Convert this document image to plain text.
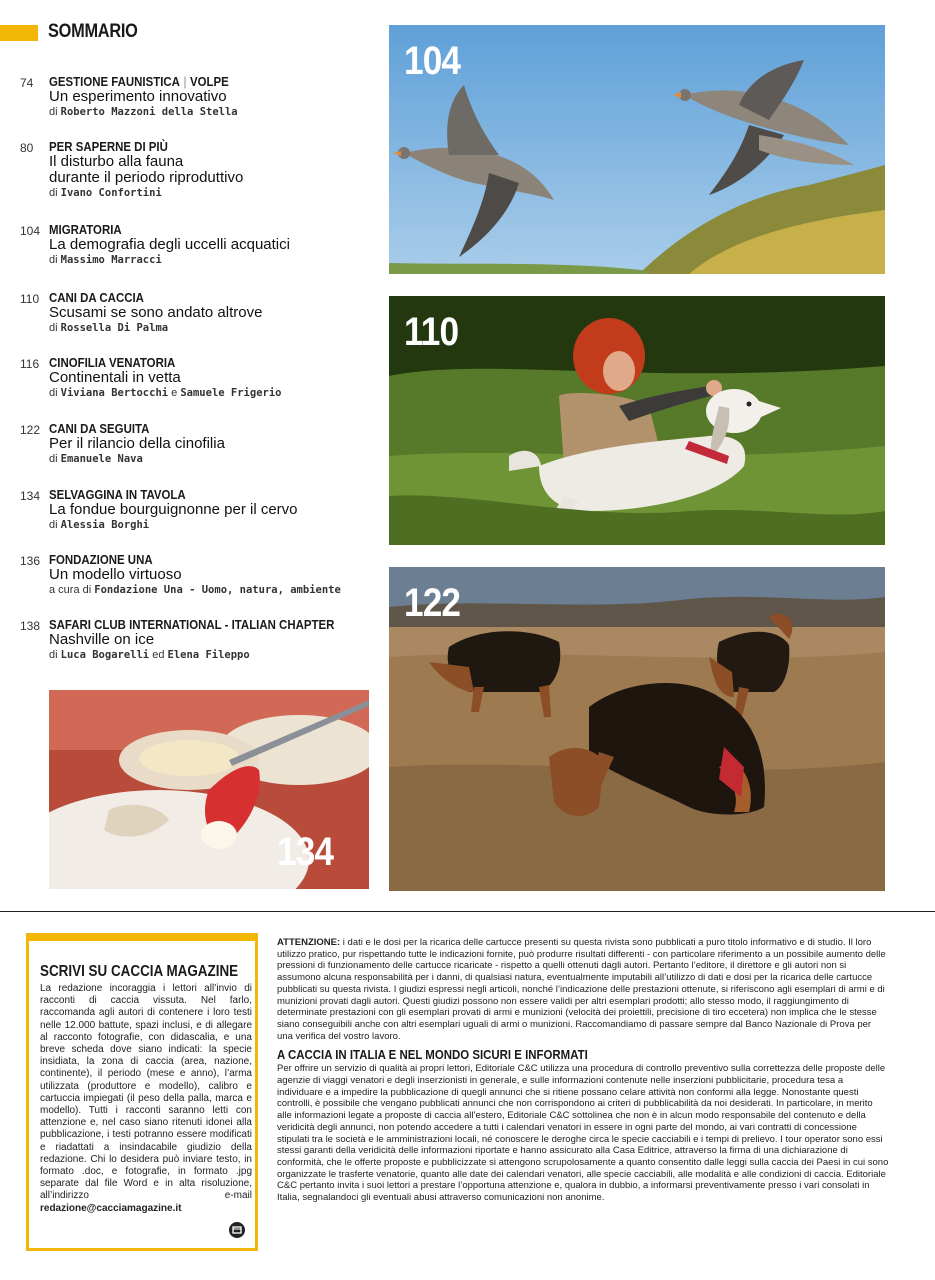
SOMMARIO
74 GESTIONE FAUNISTICA | VOLPE
Un esperimento innovativo
di Roberto Mazzoni della Stella
80 PER SAPERNE DI PIÙ
Il disturbo alla fauna
durante il periodo riproduttivo
di Ivano Confortini
104 MIGRATORIA
La demografia degli uccelli acquatici
di Massimo Marracci
110 CANI DA CACCIA
Scusami se sono andato altrove
di Rossella Di Palma
116 CINOFILIA VENATORIA
Continentali in vetta
di Viviana Bertocchi e Samuele Frigerio
122 CANI DA SEGUITA
Per il rilancio della cinofilia
di Emanuele Nava
134 SELVAGGINA IN TAVOLA
La fondue bourguignonne per il cervo
di Alessia Borghi
136 FONDAZIONE UNA
Un modello virtuoso
a cura di Fondazione Una - Uomo, natura, ambiente
138 SAFARI CLUB INTERNATIONAL - ITALIAN CHAPTER
Nashville on ice
di Luca Bogarelli ed Elena Fileppo
104
110
122
134
SCRIVI SU CACCIA MAGAZINE
La redazione incoraggia i lettori all’invio di racconti di caccia vissuta. Nel farlo, raccomanda agli autori di contenere i loro testi nelle 12.000 battute, spazi inclusi, e di allegare al racconto fotografie, con didascalia, e una breve scheda dove siano indicati: la specie insidiata, la zona di caccia (area, nazione, continente), il periodo (mese e anno), l’arma utilizzata (produttore e modello), calibro e cartuccia impiegati (il peso della palla, marca e modello). Tutti i racconti saranno letti con attenzione e, nel caso siano ritenuti idonei alla pubblicazione, i testi potranno essere modificati e riadattati a insindacabile giudizio della redazione. Chi lo desidera può inviare testo, in formato .doc, e fotografie, in formato .jpg separate dal file Word e in alta risoluzione, all’indirizzo e-mail redazione@cacciamagazine.it
ATTENZIONE: i dati e le dosi per la ricarica delle cartucce presenti su questa rivista sono pubblicati a puro titolo informativo e di studio. Il loro utilizzo pratico, pur rispettando tutte le indicazioni fornite, può produrre risultati differenti - con particolare riferimento a un possibile aumento delle pressioni di funzionamento delle cartucce ricaricate - rispetto a quelli ottenuti dagli autori. Pertanto l’editore, il direttore e gli autori non si assumono alcuna responsabilità per i danni, di qualsiasi natura, eventualmente imputabili all’utilizzo di dati e dosi per la ricarica delle cartucce pubblicati su questa rivista. I giudizi espressi negli articoli, nonché l’indicazione delle prestazioni ottenute, si riferiscono agli esemplari di armi e di munizioni provati dagli autori. Questi giudizi possono non essere validi per altri esemplari prodotti; allo stesso modo, il raggiungimento di determinate prestazioni con gli esemplari provati di armi e munizioni (velocità dei proiettili, precisione di tiro eccetera) non implica che le stesse siano conseguibili anche con altri esemplari uguali di armi o munizioni. Raccomandiamo di passare sempre dal Banco Nazionale di Prova per una verifica del vostro lavoro.
A CACCIA IN ITALIA E NEL MONDO SICURI E INFORMATI
Per offrire un servizio di qualità ai propri lettori, Editoriale C&C utilizza una procedura di controllo preventivo sulla correttezza delle proposte delle agenzie di viaggi venatori e degli inserzionisti in generale, e sulle informazioni contenute nelle inserzioni pubblicitarie, procedura tesa a individuare e a impedire la pubblicazione di quegli annunci che si ritiene possano celare attività non conformi alla legge. Nonostante questi controlli, è possibile che vengano pubblicati annunci che non corrispondono ai criteri di pubblicabilità da noi desiderati. In particolare, in merito alle informazioni legate a proposte di caccia all’estero, Editoriale C&C sottolinea che non è in alcun modo responsabile del contenuto e della veridicità degli annunci, non potendo accedere a tutti i calendari venatori in essere in ogni parte del mondo, ai vari contratti di concessione stipulati tra le società e le amministrazioni locali, né conoscere le deroghe circa le specie cacciabili e i tempi di prelievo. I tour operator sono essi stessi garanti della veridicità delle informazioni riportate e hanno assicurato alla Casa Editrice, attraverso la firma di una dichiarazione di conformità, che le offerte proposte e pubblicizzate si attengono scrupolosamente a quanto consentito dalle leggi sulla caccia dei Paesi in cui sono organizzate le trasferte venatorie, quanto alle date dei calendari venatori, alle specie cacciabili, alle modalità e alle condizioni di caccia. Editoriale C&C pertanto invita i suoi lettori a prestare l’opportuna attenzione e, qualora in dubbio, a informarsi preventivamente presso i vari consolati in Italia, segnalandoci gli eventuali abusi attraverso comunicazioni non anonime.
